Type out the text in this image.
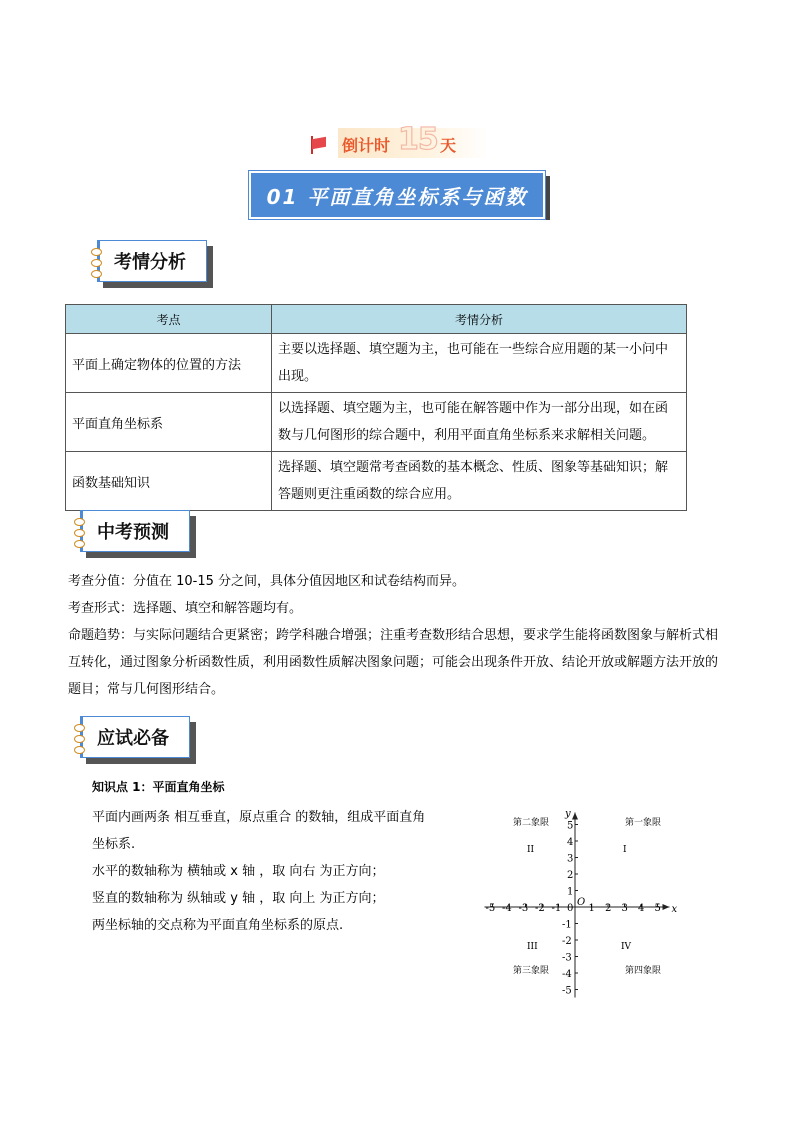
倒计时 15 天
01 平面直角坐标系与函数
考情分析
考点	考情分析
平面上确定物体的位置的方法	主要以选择题、填空题为主，也可能在一些综合应用题的某一小问中出现。
平面直角坐标系	以选择题、填空题为主，也可能在解答题中作为一部分出现，如在函数与几何图形的综合题中，利用平面直角坐标系来求解相关问题。
函数基础知识	选择题、填空题常考查函数的基本概念、性质、图象等基础知识；解答题则更注重函数的综合应用。
中考预测
考查分值：分值在 10-15 分之间，具体分值因地区和试卷结构而异。
考查形式：选择题、填空和解答题均有。
命题趋势：与实际问题结合更紧密；跨学科融合增强；注重考查数形结合思想，要求学生能将函数图象与解析式相互转化，通过图象分析函数性质，利用函数性质解决图象问题；可能会出现条件开放、结论开放或解题方法开放的题目；常与几何图形结合。
应试必备
知识点 1：平面直角坐标
平面内画两条 相互垂直，原点重合 的数轴，组成平面直角
坐标系.
水平的数轴称为 横轴或 x 轴 ，取 向右 为正方向；
竖直的数轴称为 纵轴或 y 轴 ，取 向上 为正方向；
两坐标轴的交点称为平面直角坐标系的原点.
x
y
O
-5 -4 -3 -2 -1 0 1 2 3 4 5
5
4
3
2
1
-1
-2
-3
-4
-5
第一象限
I
第二象限
II
第三象限
III
第四象限
IV
